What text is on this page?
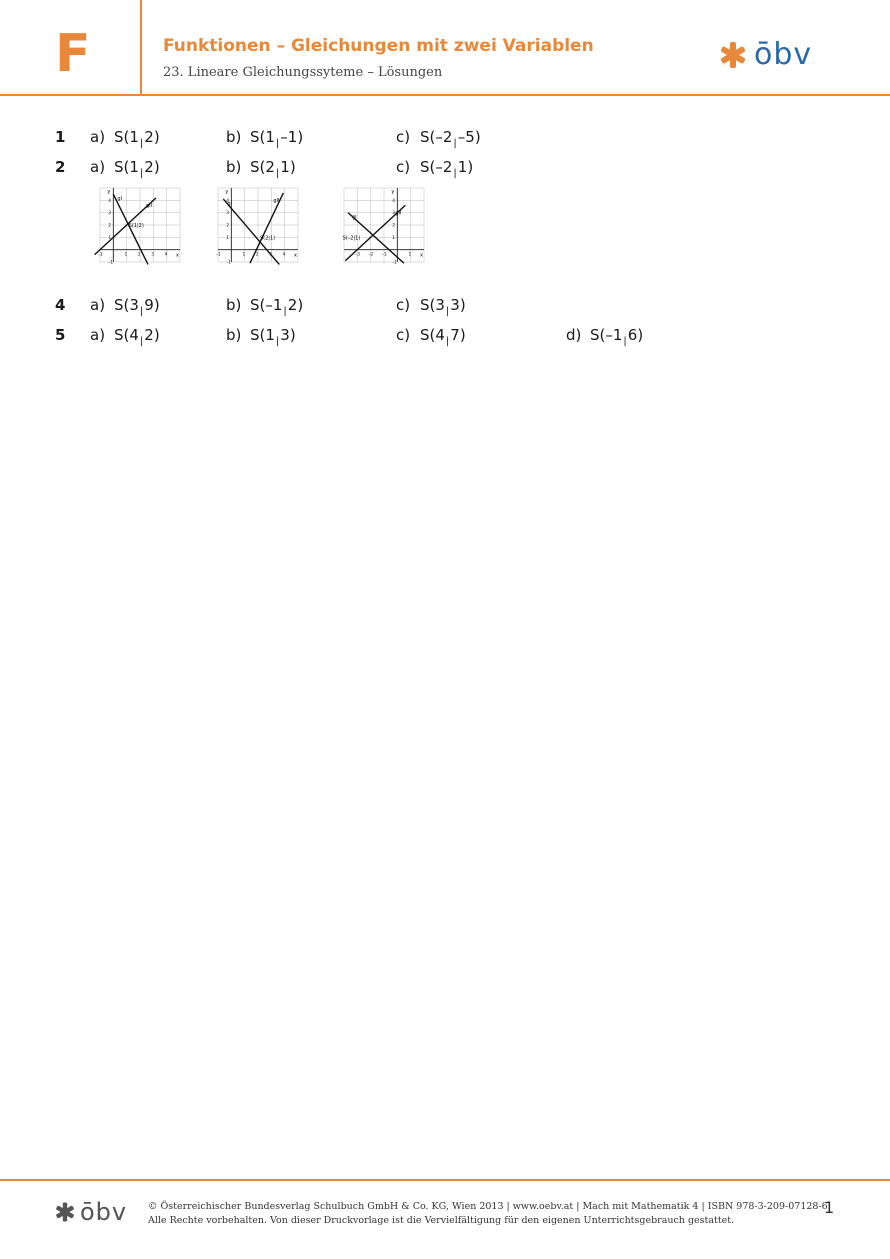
F	Funktionen – Gleichungen mit zwei Variablen
23. Lineare Gleichungssyteme – Lösungen
ōbv
1 a) S(1|2)	b) S(1|–1)	c) S(–2|–5)
2 a) S(1|2)	b) S(2|1)	c) S(–2|1)
4 a) S(3|9)	b) S(–1|2)	c) S(3|3)
5 a) S(4|2)	b) S(1|3)	c) S(4|7)	d) S(–1|6)
x
y
–1	1	2	3	4
–1
1
2
3
4 gI
gII
S(1|2)
x
y
–1	1	2	4
–1
1
2
3
4
gI
gII
S(2|1)
x
y
–3 –2 –1	1
–1
1
2
3
4
gI
gII
S(–2|1)
ōbv © Österreichischer Bundesverlag Schulbuch GmbH & Co. KG, Wien 2013 | www.oebv.at | Mach mit Mathematik 4 | ISBN 978-3-209-07128-6
Alle Rechte vorbehalten. Von dieser Druckvorlage ist die Vervielfältigung für den eigenen Unterrichtsgebrauch gestattet.
1
